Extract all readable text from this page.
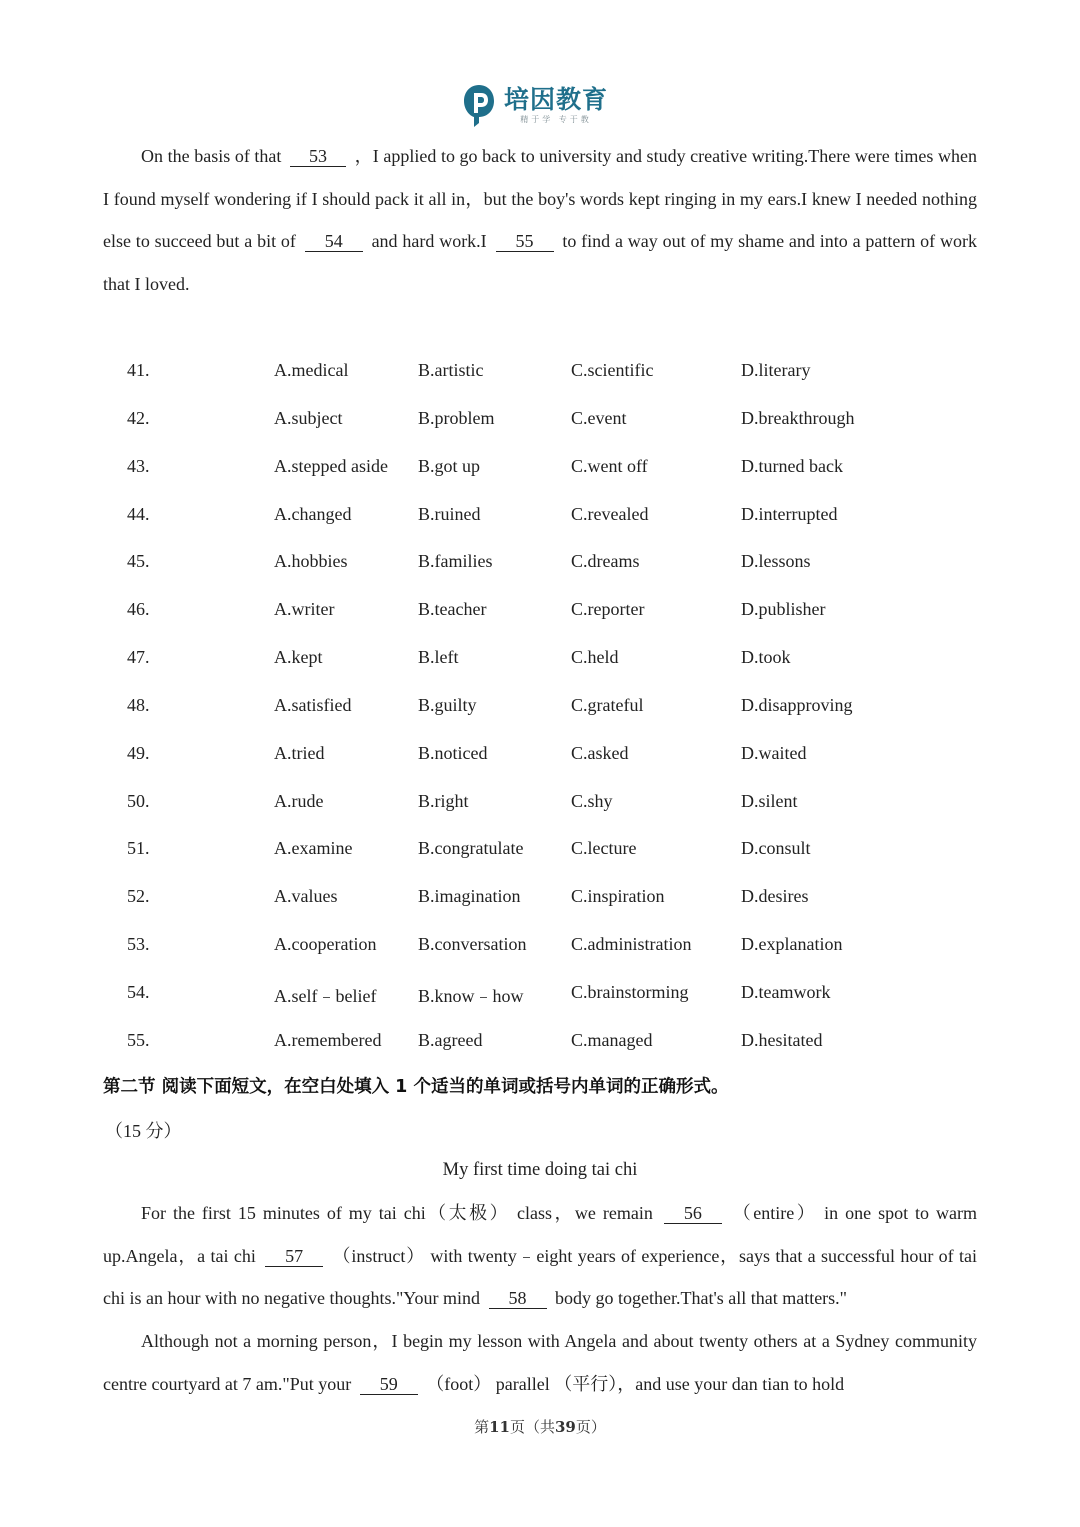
培因教育
精于学 专于教

On the basis of that 53 ，I applied to go back to university and study creative writing.There were times when I found myself wondering if I should pack it all in，but the boy's words kept ringing in my ears.I knew I needed nothing else to succeed but a bit of 54 and hard work.I 55 to find a way out of my shame and into a pattern of work that I loved.

41.	A.medical	B.artistic	C.scientific	D.literary
42.	A.subject	B.problem	C.event	D.breakthrough
43.	A.stepped aside B.got up	C.went off	D.turned back
44.	A.changed	B.ruined	C.revealed	D.interrupted
45.	A.hobbies	B.families	C.dreams	D.lessons
46.	A.writer	B.teacher	C.reporter	D.publisher
47.	A.kept	B.left	C.held	D.took
48.	A.satisfied	B.guilty	C.grateful	D.disapproving
49.	A.tried	B.noticed	C.asked	D.waited
50.	A.rude	B.right	C.shy	D.silent
51.	A.examine	B.congratulate	C.lecture	D.consult
52.	A.values	B.imagination	C.inspiration	D.desires
53.	A.cooperation B.conversation C.administration	D.explanation
54.	A.self﹣belief B.know﹣how	C.brainstorming	D.teamwork
55.	A.remembered B.agreed	C.managed	D.hesitated
第二节 阅读下面短文，在空白处填入 1 个适当的单词或括号内单词的正确形式。
（15 分）
My first time doing tai chi

For the first 15 minutes of my tai chi（太极） class，we remain 56 （entire） in one spot to warm up.Angela，a tai chi 57 （instruct） with twenty﹣eight years of experience，says that a successful hour of tai chi is an hour with no negative thoughts."Your mind 58 body go together.That's all that matters."

Although not a morning person，I begin my lesson with Angela and about twenty others at a Sydney community centre courtyard at 7 am."Put your 59 （foot） parallel （平行），and use your dan tian to hold

第11页（共39页）
